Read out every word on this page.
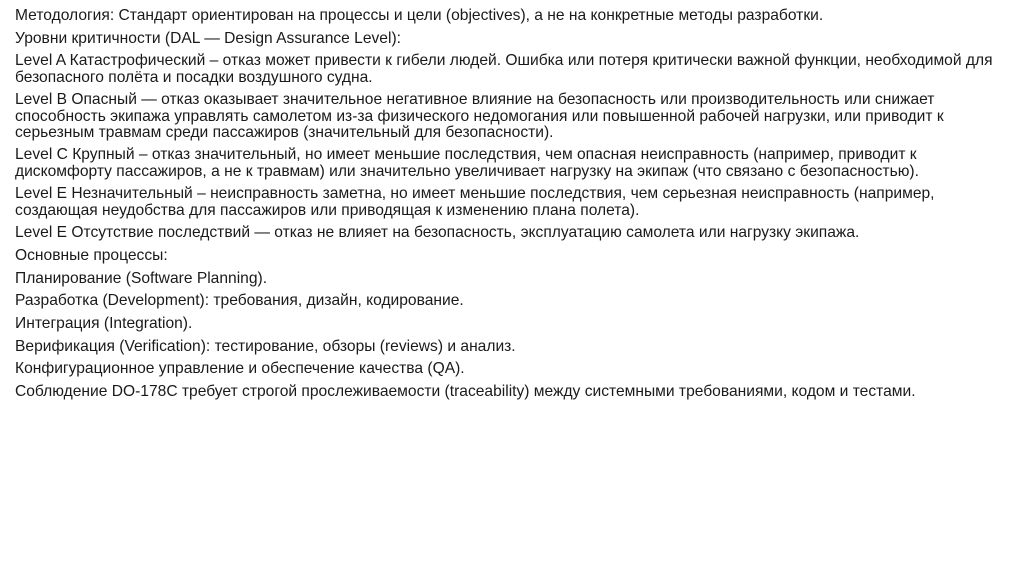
Методология: Стандарт ориентирован на процессы и цели (objectives), а не на конкретные методы разработки.

Уровни критичности (DAL — Design Assurance Level):

Level A Катастрофический – отказ может привести к гибели людей. Ошибка или потеря критически важной функции, необходимой для безопасного полёта и посадки воздушного судна.

Level B Опасный — отказ оказывает значительное негативное влияние на безопасность или производительность или снижает способность экипажа управлять самолетом из-за физического недомогания или повышенной рабочей нагрузки, или приводит к серьезным травмам среди пассажиров (значительный для безопасности).

Level C Крупный – отказ значительный, но имеет меньшие последствия, чем опасная неисправность (например, приводит к дискомфорту пассажиров, а не к травмам) или значительно увеличивает нагрузку на экипаж (что связано с безопасностью).

Level E Незначительный – неисправность заметна, но имеет меньшие последствия, чем серьезная неисправность (например, создающая неудобства для пассажиров или приводящая к изменению плана полета).

Level E Отсутствие последствий — отказ не влияет на безопасность, эксплуатацию самолета или нагрузку экипажа.

Основные процессы:

Планирование (Software Planning).

Разработка (Development): требования, дизайн, кодирование.

Интеграция (Integration).

Верификация (Verification): тестирование, обзоры (reviews) и анализ.

Конфигурационное управление и обеспечение качества (QA).

Соблюдение DO-178C требует строгой прослеживаемости (traceability) между системными требованиями, кодом и тестами.
